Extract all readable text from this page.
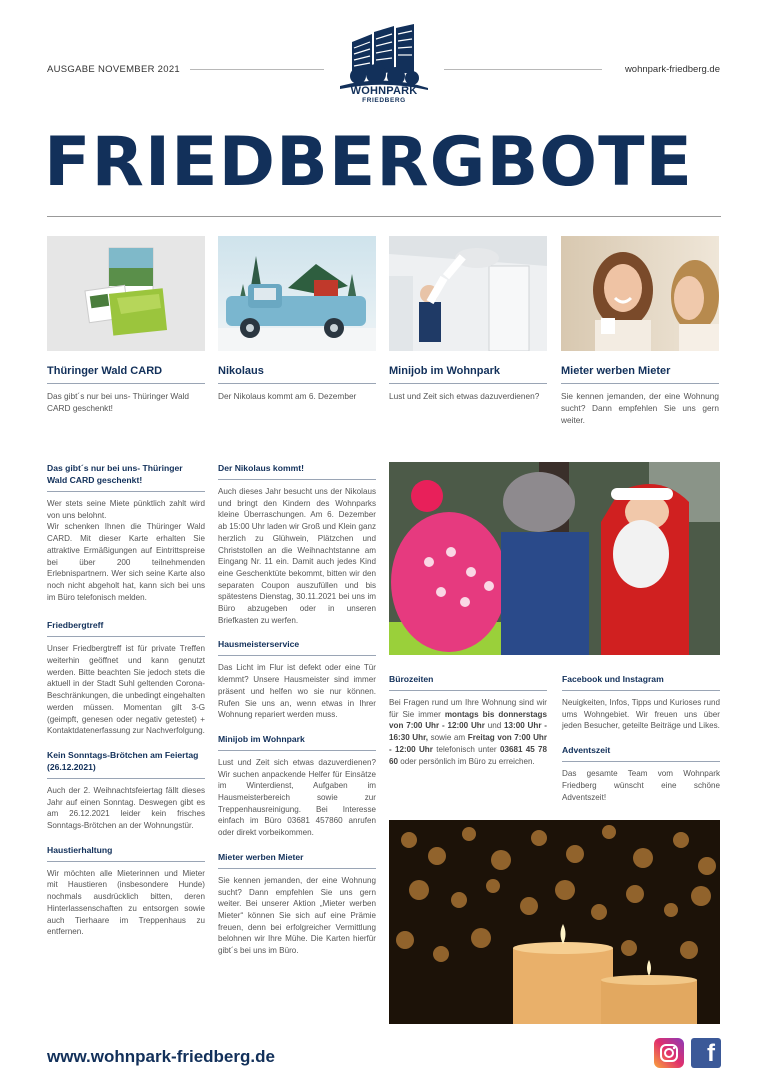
AUSGABE NOVEMBER 2021	wohnpark-friedberg.de
WOHNPARK
FRIEDBERG
FRIEDBERGBOTE
Thüringer Wald CARD
Das gibt´s nur bei uns- Thüringer Wald CARD geschenkt!
Nikolaus
Der Nikolaus kommt am 6. Dezember
Minijob im Wohnpark
Lust und Zeit sich etwas dazuverdienen?
Mieter werben Mieter
Sie kennen jemanden, der eine Wohnung sucht? Dann empfehlen Sie uns gern weiter.
Das gibt´s nur bei uns- Thüringer Wald CARD geschenkt!

Wer stets seine Miete pünktlich zahlt wird von uns belohnt.
Wir schenken Ihnen die Thüringer Wald CARD. Mit dieser Karte erhalten Sie attraktive Ermäßigungen auf Eintrittspreise bei über 200 teilnehmenden Erlebnispartnern. Wer sich seine Karte also noch nicht abgeholt hat, kann sich bei uns im Büro telefonisch melden.

Friedbergtreff

Unser Friedbergtreff ist für private Treffen weiterhin geöffnet und kann genutzt werden. Bitte beachten Sie jedoch stets die aktuell in der Stadt Suhl geltenden Corona-Beschränkungen, die unbedingt eingehalten werden müssen. Momentan gilt 3-G (geimpft, genesen oder negativ getestet) + Kontaktdatenerfassung zur Nachverfolgung.

Kein Sonntags-Brötchen am Feiertag (26.12.2021)

Auch der 2. Weihnachtsfeiertag fällt dieses Jahr auf einen Sonntag. Deswegen gibt es am 26.12.2021 leider kein frisches Sonntags-Brötchen an der Wohnungstür.

Haustierhaltung

Wir möchten alle Mieterinnen und Mieter mit Haustieren (insbesondere Hunde) nochmals ausdrücklich bitten, deren Hinterlassenschaften zu entsorgen sowie auch Tierhaare im Treppenhaus zu entfernen.

Der Nikolaus kommt!

Auch dieses Jahr besucht uns der Nikolaus und bringt den Kindern des Wohnparks kleine Überraschungen. Am 6. Dezember ab 15:00 Uhr laden wir Groß und Klein ganz herzlich zu Glühwein, Plätzchen und Christstollen an die Weihnachtstanne am Eingang Nr. 11 ein. Damit auch jedes Kind eine Geschenktüte bekommt, bitten wir den separaten Coupon auszufüllen und bis spätestens Dienstag, 30.11.2021 bei uns im Büro abzugeben oder in unseren Briefkasten zu werfen.

Hausmeisterservice

Das Licht im Flur ist defekt oder eine Tür klemmt? Unsere Hausmeister sind immer präsent und helfen wo sie nur können. Rufen Sie uns an, wenn etwas in Ihrer Wohnung repariert werden muss.

Minijob im Wohnpark

Lust und Zeit sich etwas dazuverdienen? Wir suchen anpackende Helfer für Einsätze im Winterdienst, Aufgaben im Hausmeisterbereich sowie zur Treppenhausreinigung. Bei Interesse einfach im Büro 03681 457860 anrufen oder direkt vorbeikommen.

Mieter werben Mieter

Sie kennen jemanden, der eine Wohnung sucht? Dann empfehlen Sie uns gern weiter. Bei unserer Aktion „Mieter werben Mieter“ können Sie sich auf eine Prämie freuen, denn bei erfolgreicher Vermittlung belohnen wir Ihre Mühe. Die Karten hierfür gibt´s bei uns im Büro.

Bürozeiten

Bei Fragen rund um Ihre Wohnung sind wir für Sie immer montags bis donnerstags von 7:00 Uhr - 12:00 Uhr und 13:00 Uhr - 16:30 Uhr, sowie am Freitag von 7:00 Uhr - 12:00 Uhr telefonisch unter 03681 45 78 60 oder persönlich im Büro zu erreichen.

Facebook und Instagram

Neuigkeiten, Infos, Tipps und Kurioses rund ums Wohngebiet. Wir freuen uns über jeden Besucher, geteilte Beiträge und Likes.

Adventszeit

Das gesamte Team vom Wohnpark Friedberg wünscht eine schöne Adventszeit!

www.wohnpark-friedberg.de	f
